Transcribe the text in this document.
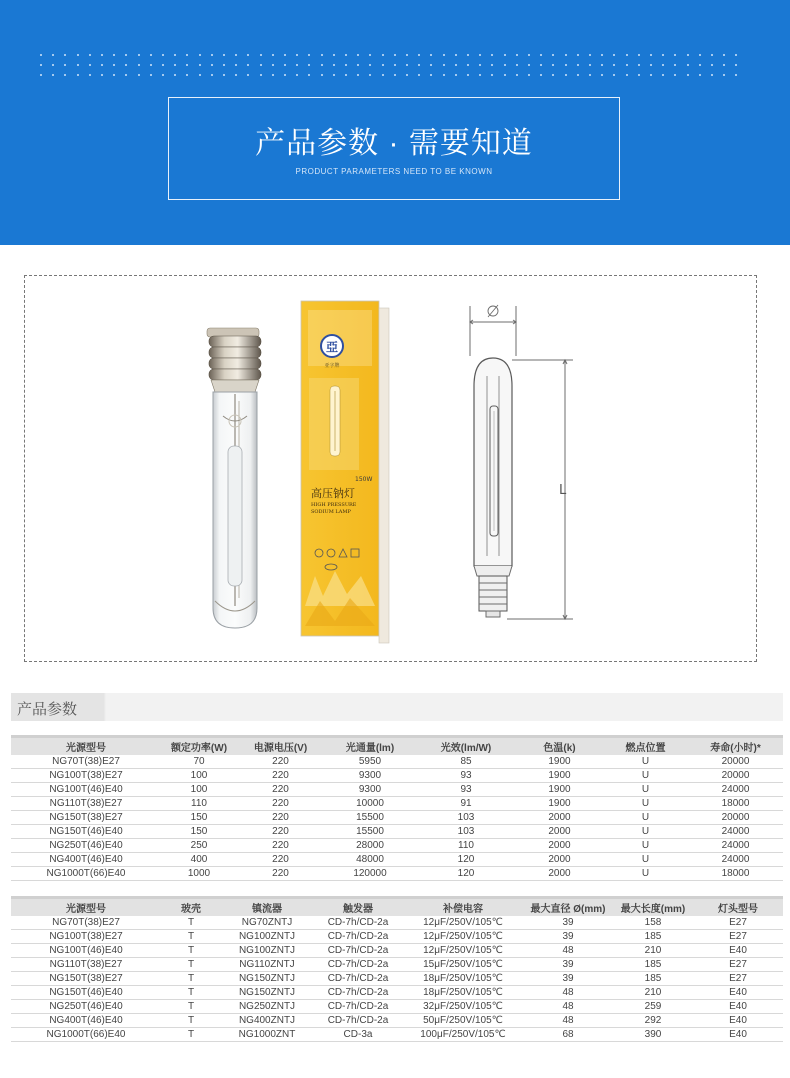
产品参数 · 需要知道
PRODUCT PARAMETERS NEED TO BE KNOWN
亞
亚字牌
150W
高压钠灯
HIGH PRESSURE
SODIUM LAMP
L
产品参数

光源型号	额定功率(W)	电源电压(V)	光通量(lm)	光效(lm/W)	色温(k)	燃点位置	寿命(小时)*
NG70T(38)E27	70	220	5950	85	1900	U	20000
NG100T(38)E27	100	220	9300	93	1900	U	20000
NG100T(46)E40	100	220	9300	93	1900	U	24000
NG110T(38)E27	110	220	10000	91	1900	U	18000
NG150T(38)E27	150	220	15500	103	2000	U	20000
NG150T(46)E40	150	220	15500	103	2000	U	24000
NG250T(46)E40	250	220	28000	110	2000	U	24000
NG400T(46)E40	400	220	48000	120	2000	U	24000
NG1000T(66)E40	1000	220	120000	120	2000	U	18000

光源型号	玻壳	镇流器	触发器	补偿电容	最大直径 Ø(mm)	最大长度(mm)	灯头型号
NG70T(38)E27	T	NG70ZNTJ	CD-7h/CD-2a	12μF/250V/105℃	39	158	E27
NG100T(38)E27	T	NG100ZNTJ	CD-7h/CD-2a	12μF/250V/105℃	39	185	E27
NG100T(46)E40	T	NG100ZNTJ	CD-7h/CD-2a	12μF/250V/105℃	48	210	E40
NG110T(38)E27	T	NG110ZNTJ	CD-7h/CD-2a	15μF/250V/105℃	39	185	E27
NG150T(38)E27	T	NG150ZNTJ	CD-7h/CD-2a	18μF/250V/105℃	39	185	E27
NG150T(46)E40	T	NG150ZNTJ	CD-7h/CD-2a	18μF/250V/105℃	48	210	E40
NG250T(46)E40	T	NG250ZNTJ	CD-7h/CD-2a	32μF/250V/105℃	48	259	E40
NG400T(46)E40	T	NG400ZNTJ	CD-7h/CD-2a	50μF/250V/105℃	48	292	E40
NG1000T(66)E40	T	NG1000ZNT	CD-3a	100μF/250V/105℃	68	390	E40
